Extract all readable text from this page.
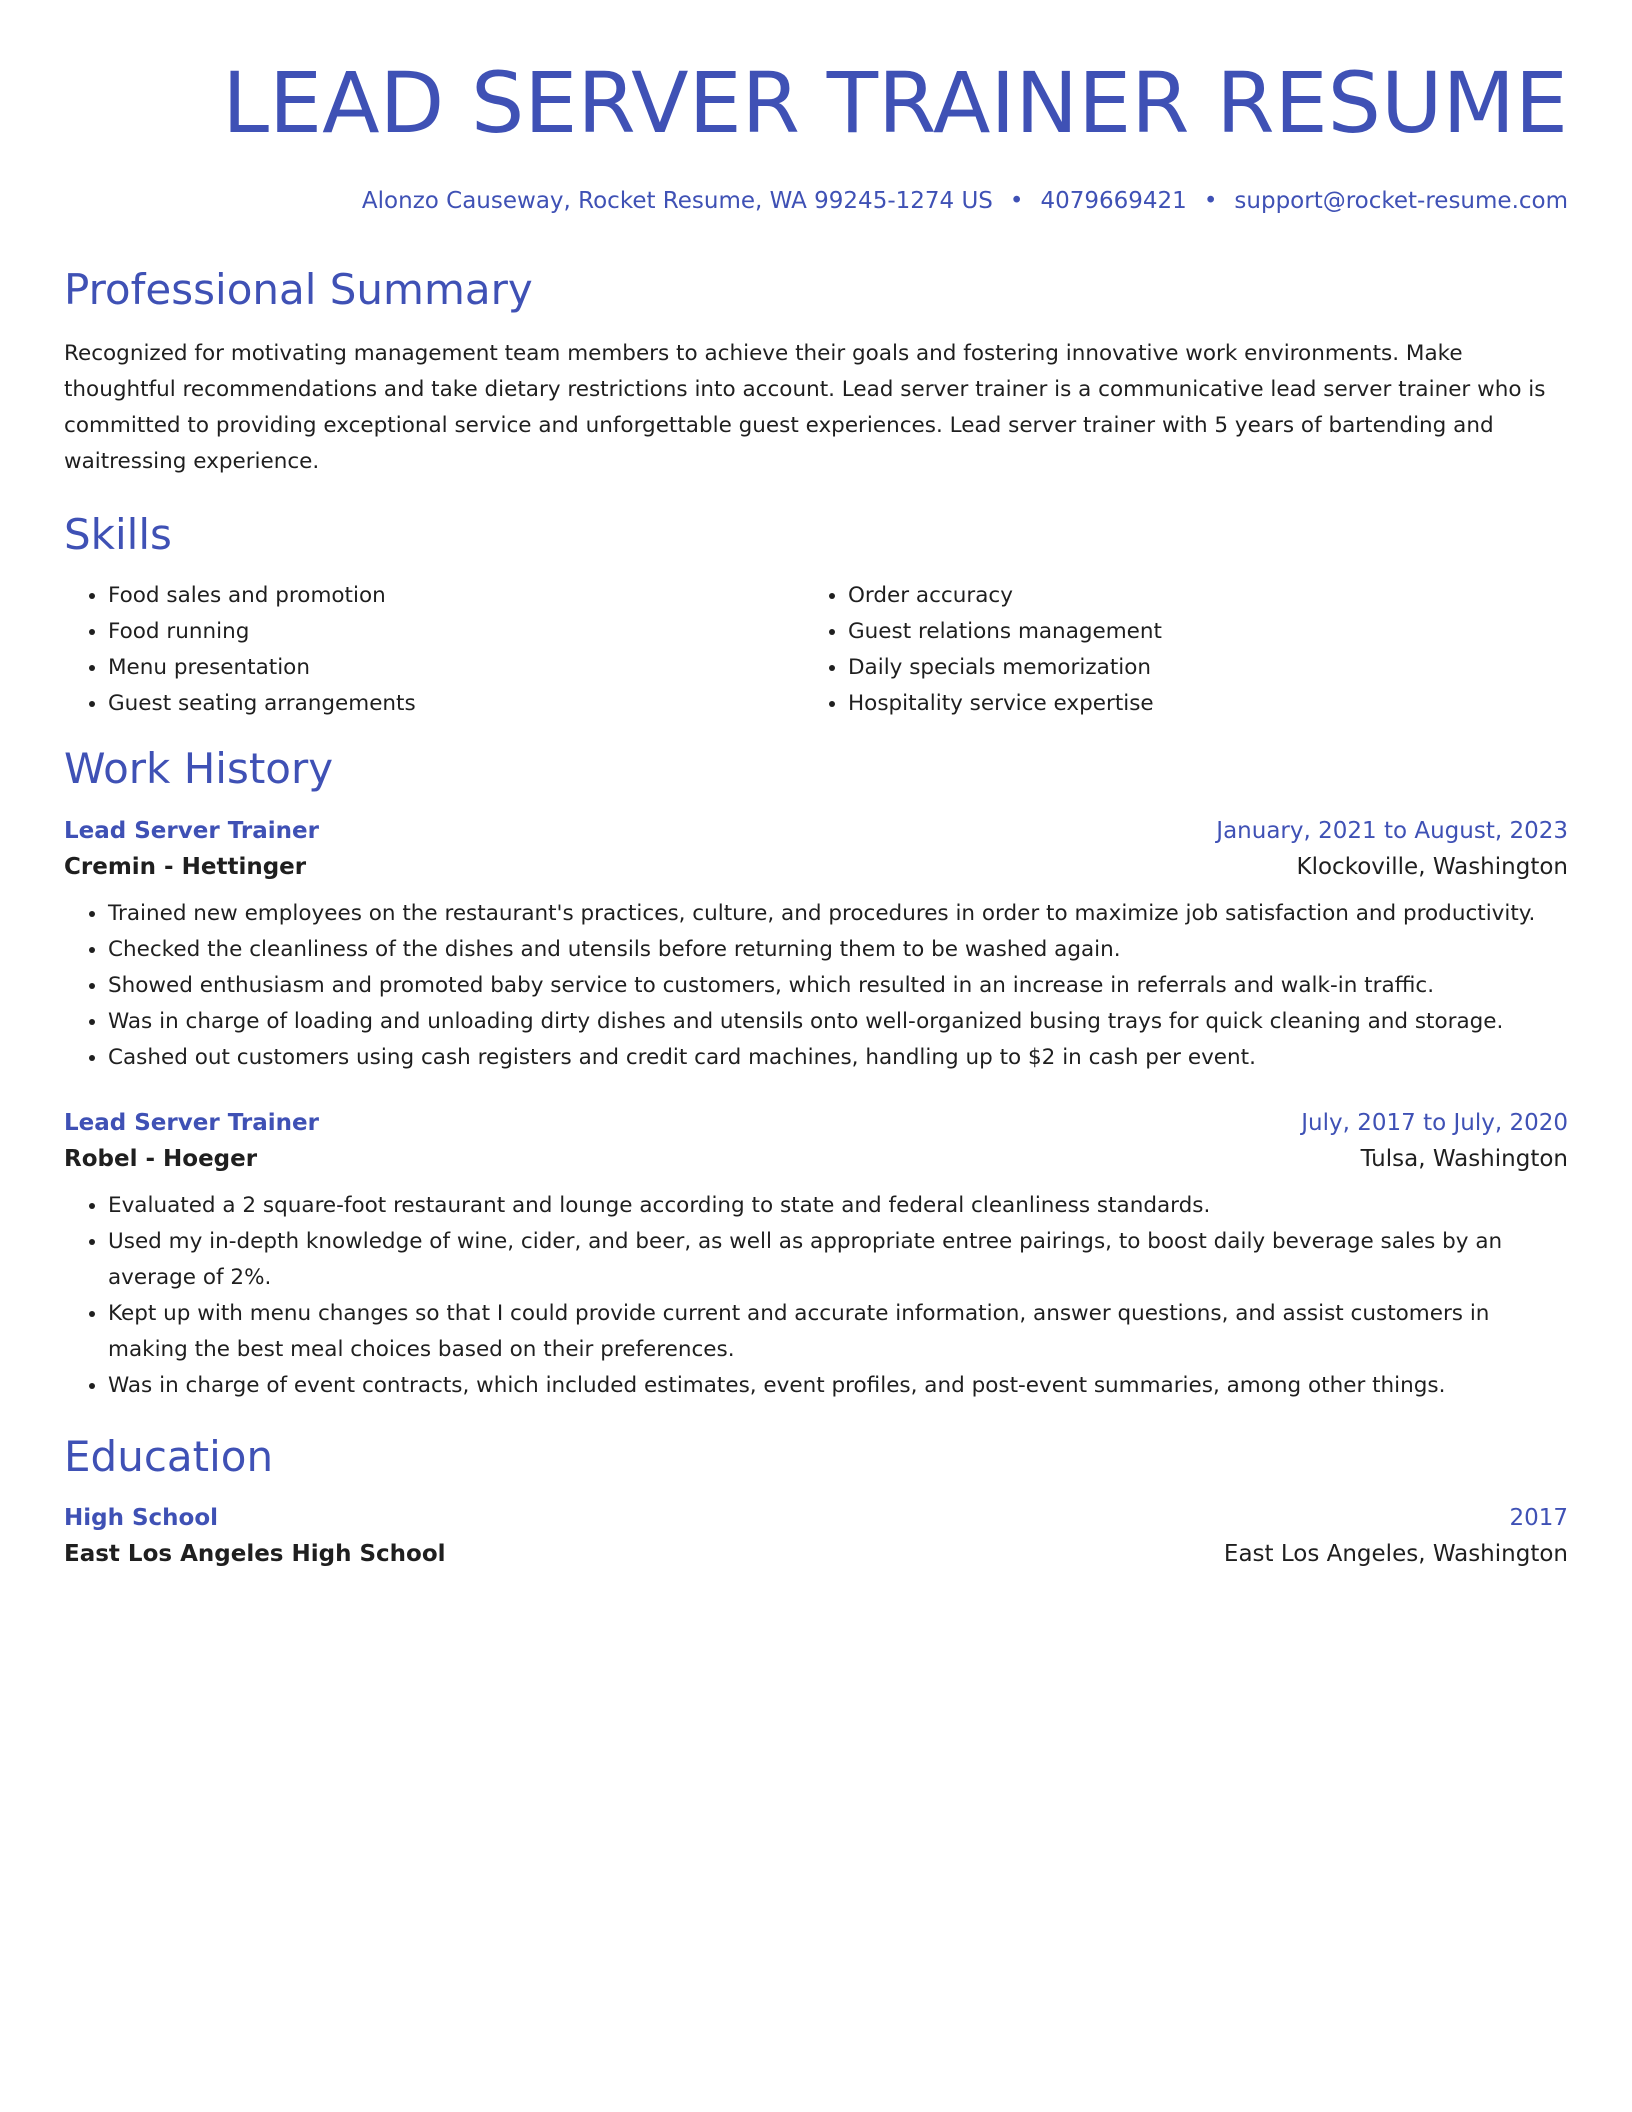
LEAD SERVER TRAINER RESUME
Alonzo Causeway, Rocket Resume, WA 99245-1274 US • 4079669421 • support@rocket-resume.com
Professional Summary

Recognized for motivating management team members to achieve their goals and fostering innovative work environments. Make thoughtful recommendations and take dietary restrictions into account. Lead server trainer is a communicative lead server trainer who is committed to providing exceptional service and unforgettable guest experiences. Lead server trainer with 5 years of bartending and waitressing experience.

Skills
• Food sales and promotion
• Food running
• Menu presentation
• Guest seating arrangements
• Order accuracy
• Guest relations management
• Daily specials memorization
• Hospitality service expertise
Work History
Lead Server Trainer	January, 2021 to August, 2023
Cremin - Hettinger	Klockoville, Washington
• Trained new employees on the restaurant's practices, culture, and procedures in order to maximize job satisfaction and productivity.
• Checked the cleanliness of the dishes and utensils before returning them to be washed again.
• Showed enthusiasm and promoted baby service to customers, which resulted in an increase in referrals and walk-in traffic.
• Was in charge of loading and unloading dirty dishes and utensils onto well-organized busing trays for quick cleaning and storage.
• Cashed out customers using cash registers and credit card machines, handling up to $2 in cash per event.
Lead Server Trainer	July, 2017 to July, 2020
Robel - Hoeger	Tulsa, Washington
• Evaluated a 2 square-foot restaurant and lounge according to state and federal cleanliness standards.
• Used my in-depth knowledge of wine, cider, and beer, as well as appropriate entree pairings, to boost daily beverage sales by an average of 2%.
• Kept up with menu changes so that I could provide current and accurate information, answer questions, and assist customers in making the best meal choices based on their preferences.
• Was in charge of event contracts, which included estimates, event profiles, and post-event summaries, among other things.
Education
High School	2017
East Los Angeles High School	East Los Angeles, Washington
